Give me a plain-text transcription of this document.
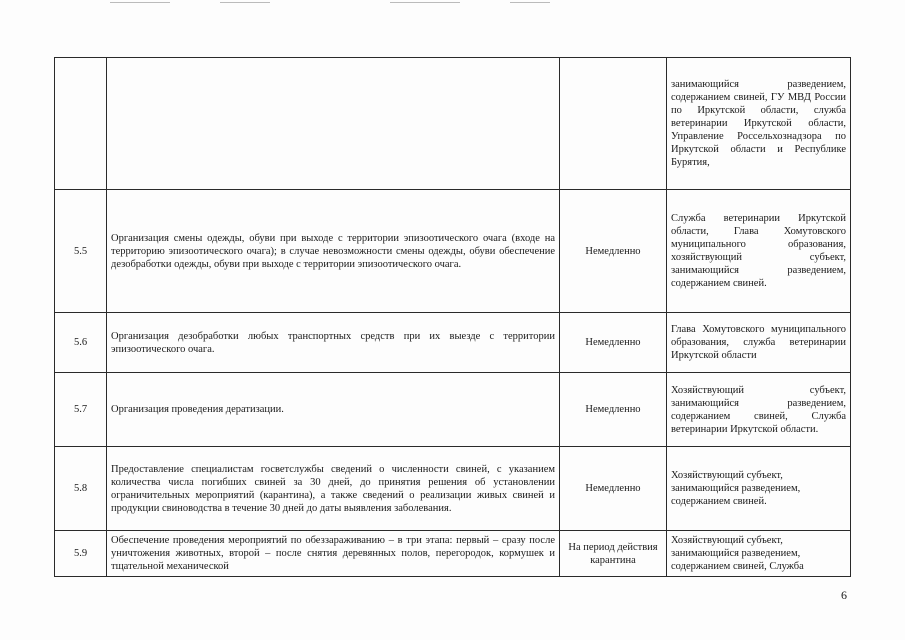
			занимающийся разведением, содержанием свиней, ГУ МВД России по Иркутской области, служба ветеринарии Иркутской области, Управление Россельхознадзора по Иркутской области и Республике Бурятия,
5.5	Организация смены одежды, обуви при выходе с территории эпизоотического очага (входе на территорию эпизоотического очага); в случае невозможности смены одежды, обуви обеспечение дезобработки одежды, обуви при выходе с территории эпизоотического очага.	Немедленно	Служба ветеринарии Иркутской области, Глава Хомутовского муниципального образования, хозяйствующий субъект, занимающийся разведением, содержанием свиней.
5.6	Организация дезобработки любых транспортных средств при их выезде с территории эпизоотического очага.	Немедленно	Глава Хомутовского муниципального образования, служба ветеринарии Иркутской области
5.7	Организация проведения дератизации.	Немедленно	Хозяйствующий субъект, занимающийся разведением, содержанием свиней, Служба ветеринарии Иркутской области.
5.8	Предоставление специалистам госветслужбы сведений о численности свиней, с указанием количества числа погибших свиней за 30 дней, до принятия решения об установлении ограничительных мероприятий (карантина), а также сведений о реализации живых свиней и продукции свиноводства в течение 30 дней до даты выявления заболевания.	Немедленно	Хозяйствующий субъект, занимающийся разведением, содержанием свиней.
5.9	Обеспечение проведения мероприятий по обеззараживанию – в три этапа: первый – сразу после уничтожения животных, второй – после снятия деревянных полов, перегородок, кормушек и тщательной механической	На период действия карантина	Хозяйствующий субъект, занимающийся разведением, содержанием свиней, Служба
6
